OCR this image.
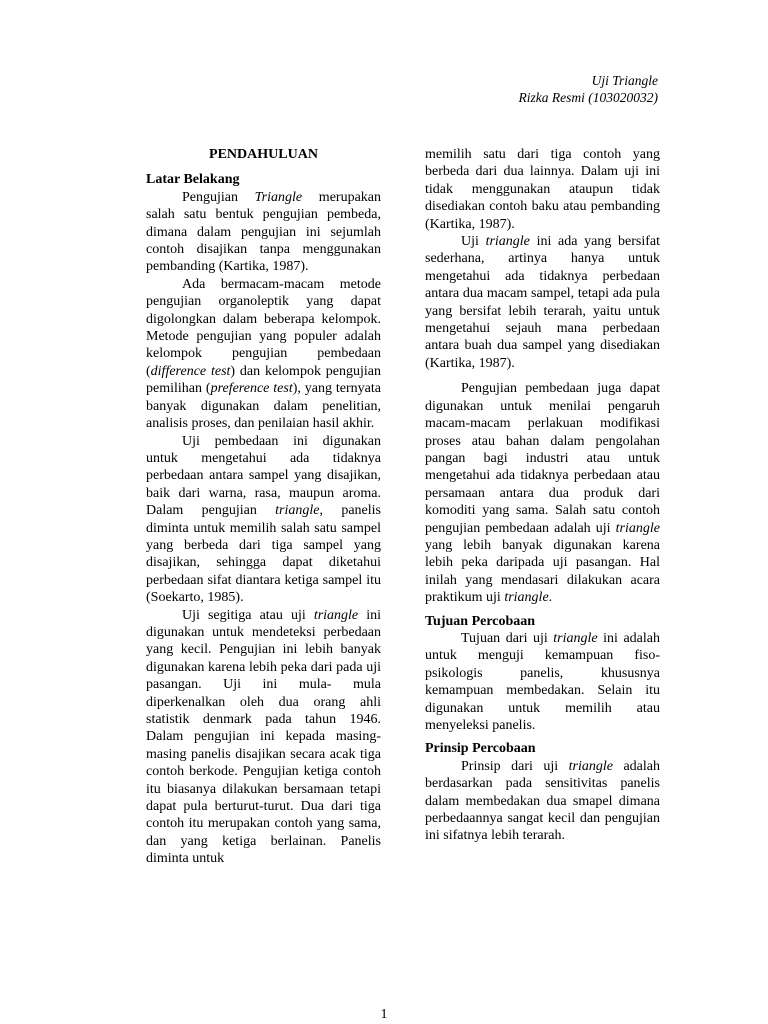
Uji Triangle
Rizka Resmi (103020032)
PENDAHULUAN
Latar Belakang

Pengujian Triangle merupakan salah satu bentuk pengujian pembeda, dimana dalam pengujian ini sejumlah contoh disajikan tanpa menggunakan pembanding (Kartika, 1987).

Ada bermacam-macam metode pengujian organoleptik yang dapat digolongkan dalam beberapa kelompok. Metode pengujian yang populer adalah kelompok pengujian pembedaan (difference test) dan kelompok pengujian pemilihan (preference test), yang ternyata banyak digunakan dalam penelitian, analisis proses, dan penilaian hasil akhir.

Uji pembedaan ini digunakan untuk mengetahui ada tidaknya perbedaan antara sampel yang disajikan, baik dari warna, rasa, maupun aroma. Dalam pengujian triangle, panelis diminta untuk memilih salah satu sampel yang berbeda dari tiga sampel yang disajikan, sehingga dapat diketahui perbedaan sifat diantara ketiga sampel itu (Soekarto, 1985).

Uji segitiga atau uji triangle ini digunakan untuk mendeteksi perbedaan yang kecil. Pengujian ini lebih banyak digunakan karena lebih peka dari pada uji pasangan. Uji ini mula- mula diperkenalkan oleh dua orang ahli statistik denmark pada tahun 1946. Dalam pengujian ini kepada masing-masing panelis disajikan secara acak tiga contoh berkode. Pengujian ketiga contoh itu biasanya dilakukan bersamaan tetapi dapat pula berturut-turut. Dua dari tiga contoh itu merupakan contoh yang sama, dan yang ketiga berlainan. Panelis diminta untuk

memilih satu dari tiga contoh yang berbeda dari dua lainnya. Dalam uji ini tidak menggunakan ataupun tidak disediakan contoh baku atau pembanding (Kartika, 1987).

Uji triangle ini ada yang bersifat sederhana, artinya hanya untuk mengetahui ada tidaknya perbedaan antara dua macam sampel, tetapi ada pula yang bersifat lebih terarah, yaitu untuk mengetahui sejauh mana perbedaan antara buah dua sampel yang disediakan (Kartika, 1987).

Pengujian pembedaan juga dapat digunakan untuk menilai pengaruh macam-macam perlakuan modifikasi proses atau bahan dalam pengolahan pangan bagi industri atau untuk mengetahui ada tidaknya perbedaan atau persamaan antara dua produk dari komoditi yang sama. Salah satu contoh pengujian pembedaan adalah uji triangle yang lebih banyak digunakan karena lebih peka daripada uji pasangan. Hal inilah yang mendasari dilakukan acara praktikum uji triangle.

Tujuan Percobaan

Tujuan dari uji triangle ini adalah untuk menguji kemampuan fiso-psikologis panelis, khususnya kemampuan membedakan. Selain itu digunakan untuk memilih atau menyeleksi panelis.

Prinsip Percobaan

Prinsip dari uji triangle adalah berdasarkan pada sensitivitas panelis dalam membedakan dua smapel dimana perbedaannya sangat kecil dan pengujian ini sifatnya lebih terarah.

1
